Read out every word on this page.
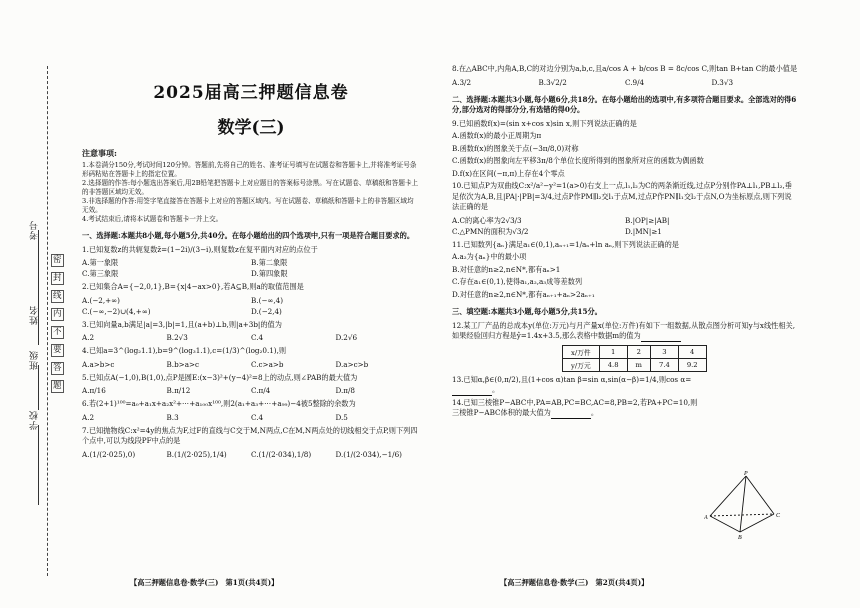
考号
姓名
班级
学校
密
封
线
内
不
要
答
题
2025届高三押题信息卷
数学(三)
注意事项:
1.本卷满分150分,考试时间120分钟。答题前,先将自己的姓名、准考证号填写在试题卷和答题卡上,并将准考证号条形码粘贴在答题卡上的指定位置。
2.选择题的作答:每小题选出答案后,用2B铅笔把答题卡上对应题目的答案标号涂黑。写在试题卷、草稿纸和答题卡上的非答题区域均无效。
3.非选择题的作答:用签字笔直接答在答题卡上对应的答题区域内。写在试题卷、草稿纸和答题卡上的非答题区域均无效。
4.考试结束后,请将本试题卷和答题卡一并上交。
一、选择题:本题共8小题,每小题5分,共40分。在每小题给出的四个选项中,只有一项是符合题目要求的。
1.已知复数z的共轭复数z̄=(1−2i)/(3−i),则复数z在复平面内对应的点位于
A.第一象限	B.第二象限
C.第三象限	D.第四象限
2.已知集合A={−2,0,1},B={x|4−ax>0},若A⊆B,则a的取值范围是
A.(−2,+∞)	B.(−∞,4)
C.(−∞,−2)∪(4,+∞)	D.(−2,4)
3.已知向量a,b满足|a|=3,|b|=1,且(a+b)⊥b,则|a+3b|的值为
A.2	B.2√3	C.4	D.2√6
4.已知a=3^(log₂1.1),b=9^(log₃1.1),c=(1/3)^(log₂0.1),则
A.a>b>c	B.b>a>c	C.c>a>b	D.a>c>b
5.已知点A(−1,0),B(1,0),点P是圆E:(x−3)²+(y−4)²=8上的动点,则∠PAB的最大值为
A.π/16	B.π/12	C.π/4	D.π/8
6.若(2+1)¹⁰⁰=a₀+a₁x+a₂x²+⋯+a₁₀₀x¹⁰⁰,则2(a₁+a₃+⋯+a₉₉)−4被5整除的余数为
A.2	B.3	C.4	D.5
7.已知抛物线C:x²=4y的焦点为F,过F的直线与C交于M,N两点,C在M,N两点处的切线相交于点P,则下列四个点中,可以为线段PF中点的是
A.(1/(2·025),0)	B.(1/(2·025),1/4)	C.(1/(2·034),1/8)	D.(1/(2·034),−1/6)
【高三押题信息卷·数学(三)　第1页(共4页)】
8.在△ABC中,内角A,B,C的对边分别为a,b,c,且a/cos A + b/cos B = 8c/cos C,则tan B+tan C的最小值是
A.3/2	B.3√2/2	C.9/4	D.3√3
二、选择题:本题共3小题,每小题6分,共18分。在每小题给出的选项中,有多项符合题目要求。全部选对的得6分,部分选对的得部分分,有选错的得0分。
9.已知函数f(x)=(sin x+cos x)sin x,则下列说法正确的是
A.函数f(x)的最小正周期为π
B.函数f(x)的图象关于点(−3π/8,0)对称
C.函数f(x)的图象向左平移3π/8个单位长度所得到的图象所对应的函数为偶函数
D.f(x)在区间(−π,π)上存在4个零点
10.已知点P为双曲线C:x²/a²−y²=1(a>0)右支上一点,l₁,l₂为C的两条渐近线,过点P分别作PA⊥l₁,PB⊥l₂,垂足依次为A,B,且|PA|·|PB|=3/4,过点P作PM∥l₂交l₁于点M,过点P作PN∥l₁交l₂于点N,O为坐标原点,则下列说法正确的是
A.C的离心率为2√3/3	B.|OP|≥|AB|
C.△PMN的面积为√3/2	D.|MN|≥1
11.已知数列{aₙ}满足a₁∈(0,1),aₙ₊₁=1/aₙ+ln aₙ,则下列说法正确的是
A.a₂为{aₙ}中的最小项
B.对任意的n≥2,n∈N*,都有aₙ>1
C.存在a₁∈(0,1),使得a₁,a₂,a₃成等差数列
D.对任意的n≥2,n∈N*,都有aₙ₊₁+aₙ>2aₙ₊₁
三、填空题:本题共3小题,每小题5分,共15分。
12.某工厂产品的总成本y(单位:万元)与月产量x(单位:万件)有如下一组数据,从散点图分析可知y与x线性相关,如果经验回归方程是ŷ=1.4x+3.5,那么表格中数据m的值为
x/万件	1	2	3	4
y/万元	4.8	m	7.4	9.2
13.已知α,β∈(0,π/2),且(1+cos α)tan β=sin α,sin(α−β)=1/4,则cos α=。
14.已知三棱锥P−ABC中,PA=AB,PC=BC,AC=8,PB=2,若PA+PC=10,则三棱锥P−ABC体积的最大值为	。
P
A
B
C
【高三押题信息卷·数学(三)　第2页(共4页)】
